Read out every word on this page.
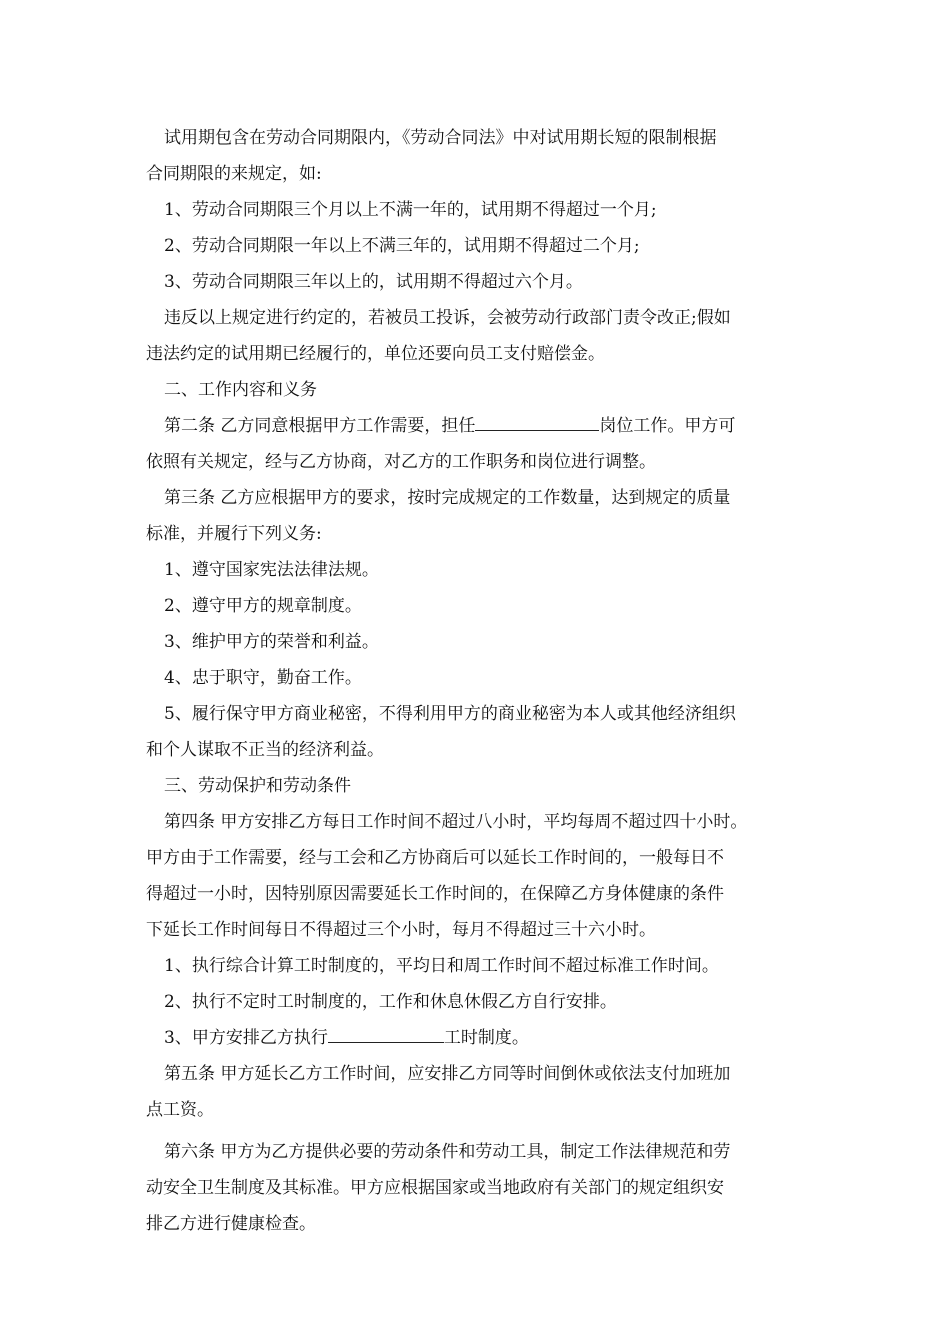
试用期包含在劳动合同期限内，《劳动合同法》中对试用期长短的限制根据
合同期限的来规定，如:
1、劳动合同期限三个月以上不满一年的，试用期不得超过一个月;
2、劳动合同期限一年以上不满三年的，试用期不得超过二个月;
3、劳动合同期限三年以上的，试用期不得超过六个月。
违反以上规定进行约定的，若被员工投诉，会被劳动行政部门责令改正;假如
违法约定的试用期已经履行的，单位还要向员工支付赔偿金。
二、工作内容和义务
第二条 乙方同意根据甲方工作需要，担任	岗位工作。甲方可
依照有关规定，经与乙方协商，对乙方的工作职务和岗位进行调整。
第三条 乙方应根据甲方的要求，按时完成规定的工作数量，达到规定的质量
标准，并履行下列义务:
1、遵守国家宪法法律法规。
2、遵守甲方的规章制度。
3、维护甲方的荣誉和利益。
4、忠于职守，勤奋工作。
5、履行保守甲方商业秘密，不得利用甲方的商业秘密为本人或其他经济组织
和个人谋取不正当的经济利益。
三、劳动保护和劳动条件
第四条 甲方安排乙方每日工作时间不超过八小时，平均每周不超过四十小时。
甲方由于工作需要，经与工会和乙方协商后可以延长工作时间的，一般每日不
得超过一小时，因特别原因需要延长工作时间的，在保障乙方身体健康的条件
下延长工作时间每日不得超过三个小时，每月不得超过三十六小时。
1、执行综合计算工时制度的，平均日和周工作时间不超过标准工作时间。
2、执行不定时工时制度的，工作和休息休假乙方自行安排。
3、甲方安排乙方执行	工时制度。
第五条 甲方延长乙方工作时间，应安排乙方同等时间倒休或依法支付加班加
点工资。
第六条 甲方为乙方提供必要的劳动条件和劳动工具，制定工作法律规范和劳
动安全卫生制度及其标准。甲方应根据国家或当地政府有关部门的规定组织安
排乙方进行健康检查。
